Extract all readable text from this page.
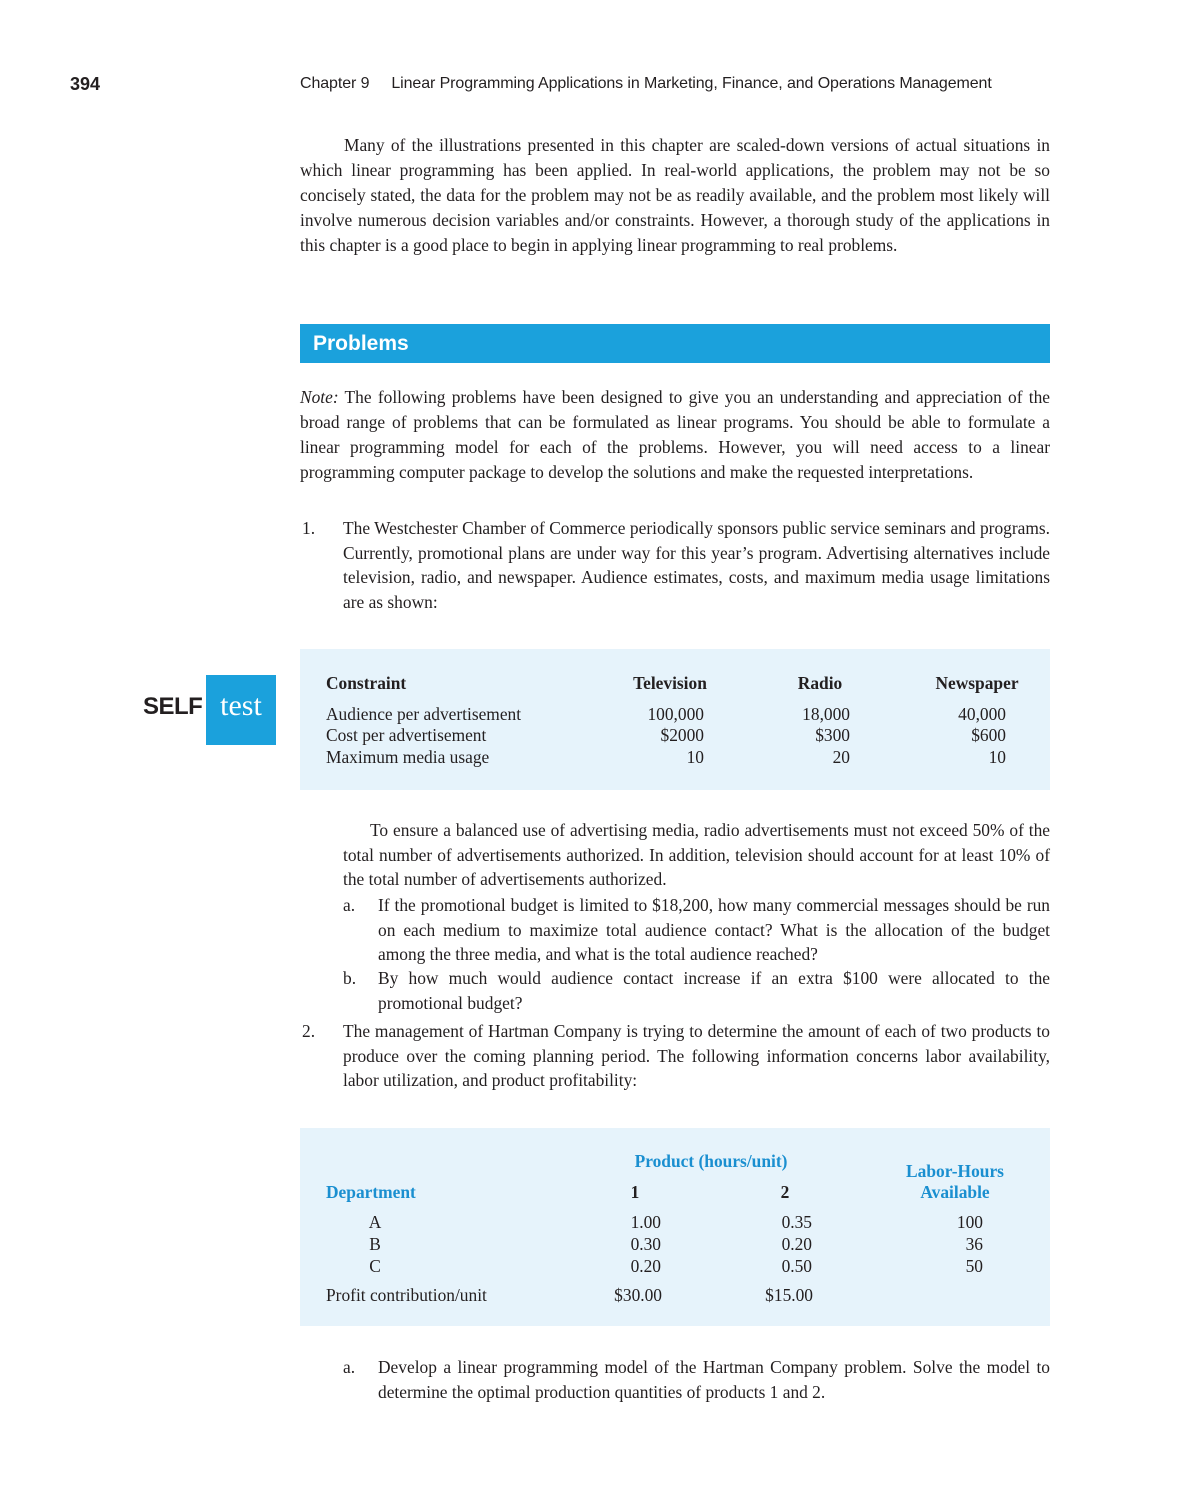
394	Chapter 9 Linear Programming Applications in Marketing, Finance, and Operations Management

Many of the illustrations presented in this chapter are scaled-down versions of actual situations in which linear programming has been applied. In real-world applications, the problem may not be so concisely stated, the data for the problem may not be as readily available, and the problem most likely will involve numerous decision variables and/or constraints. However, a thorough study of the applications in this chapter is a good place to begin in applying linear programming to real problems.

Problems

Note: The following problems have been designed to give you an understanding and appreciation of the broad range of problems that can be formulated as linear programs. You should be able to formulate a linear programming model for each of the problems. However, you will need access to a linear programming computer package to develop the solutions and make the requested interpretations.

1. The Westchester Chamber of Commerce periodically sponsors public service seminars and programs. Currently, promotional plans are under way for this year’s program. Advertising alternatives include television, radio, and newspaper. Audience estimates, costs, and maximum media usage limitations are as shown:
SELF test
Constraint	Television	Radio	Newspaper
Audience per advertisement	100,000	18,000	40,000
Cost per advertisement	$2000	$300	$600
Maximum media usage	10	20	10
To ensure a balanced use of advertising media, radio advertisements must not exceed 50% of the total number of advertisements authorized. In addition, television should account for at least 10% of the total number of advertisements authorized.
a. If the promotional budget is limited to $18,200, how many commercial messages should be run on each medium to maximize total audience contact? What is the allocation of the budget among the three media, and what is the total audience reached?
b. By how much would audience contact increase if an extra $100 were allocated to the promotional budget?
2. The management of Hartman Company is trying to determine the amount of each of two products to produce over the coming planning period. The following information concerns labor availability, labor utilization, and product profitability:
Product (hours/unit)	Labor-Hours
Department	1	2	Available
A	1.00	0.35	100
B	0.30	0.20	36
C	0.20	0.50	50
Profit contribution/unit	$30.00	$15.00
a. Develop a linear programming model of the Hartman Company problem. Solve the model to determine the optimal production quantities of products 1 and 2.
